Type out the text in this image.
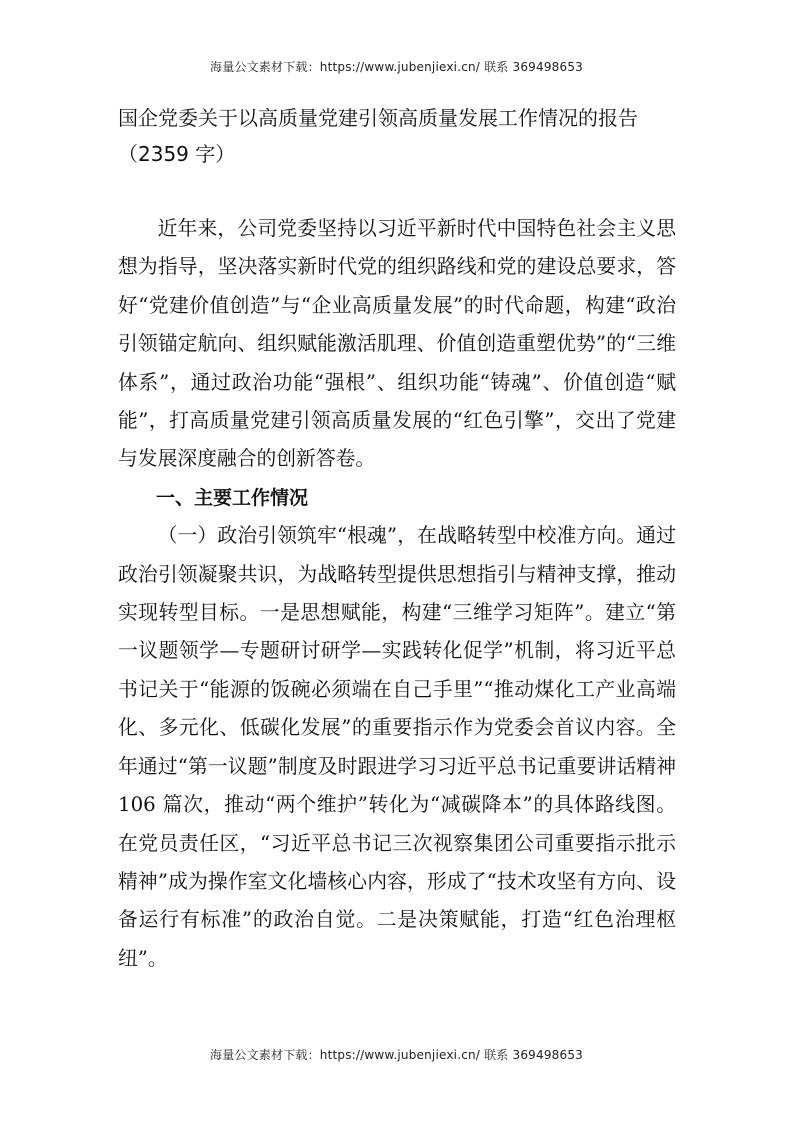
海量公文素材下载：https://www.jubenjiexi.cn/ 联系 369498653
国企党委关于以高质量党建引领高质量发展工作情况的报告（2359 字）

近年来，公司党委坚持以习近平新时代中国特色社会主义思想为指导，坚决落实新时代党的组织路线和党的建设总要求，答好“党建价值创造”与“企业高质量发展”的时代命题，构建“政治引领锚定航向、组织赋能激活肌理、价值创造重塑优势”的“三维体系”，通过政治功能“强根”、组织功能“铸魂”、价值创造“赋能”，打高质量党建引领高质量发展的“红色引擎”，交出了党建与发展深度融合的创新答卷。

一、主要工作情况

（一）政治引领筑牢“根魂”，在战略转型中校准方向。通过政治引领凝聚共识，为战略转型提供思想指引与精神支撑，推动实现转型目标。一是思想赋能，构建“三维学习矩阵”。建立“第一议题领学—专题研讨研学—实践转化促学”机制，将习近平总书记关于“能源的饭碗必须端在自己手里”“推动煤化工产业高端化、多元化、低碳化发展”的重要指示作为党委会首议内容。全年通过“第一议题”制度及时跟进学习习近平总书记重要讲话精神106 篇次，推动“两个维护”转化为“减碳降本”的具体路线图。在党员责任区，“习近平总书记三次视察集团公司重要指示批示精神”成为操作室文化墙核心内容，形成了“技术攻坚有方向、设备运行有标准”的政治自觉。二是决策赋能，打造“红色治理枢纽”。

海量公文素材下载：https://www.jubenjiexi.cn/ 联系 369498653
